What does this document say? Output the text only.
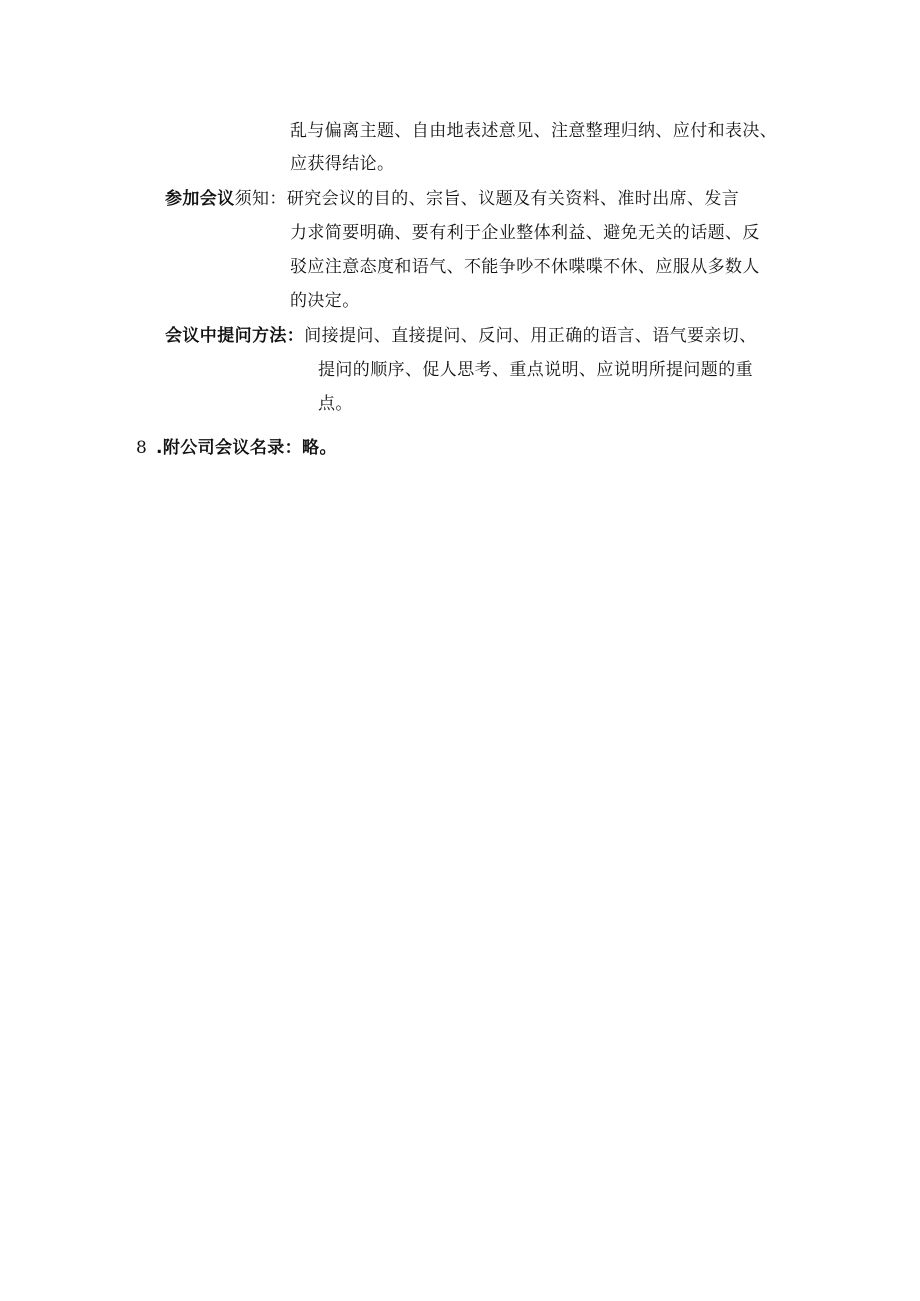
乱与偏离主题、自由地表述意见、注意整理归纳、应付和表决、
应获得结论。
参加会议须知：研究会议的目的、宗旨、议题及有关资料、准时出席、发言
力求简要明确、要有利于企业整体利益、避免无关的话题、反
驳应注意态度和语气、不能争吵不休喋喋不休、应服从多数人
的决定。
会议中提问方法：间接提问、直接提问、反问、用正确的语言、语气要亲切、
提问的顺序、促人思考、重点说明、应说明所提问题的重
点。
8 .附公司会议名录：略。
